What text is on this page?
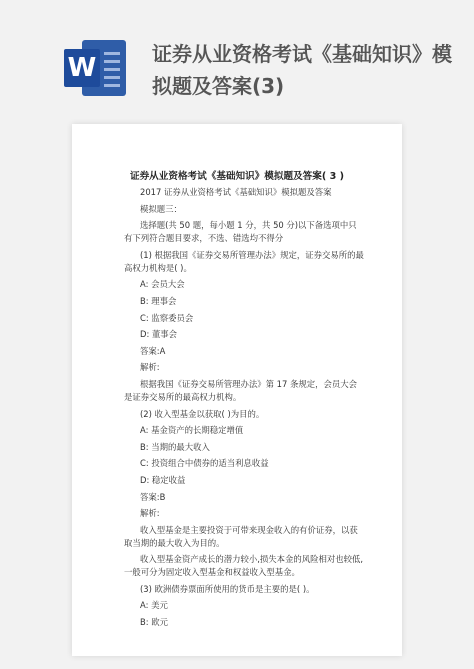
W	证券从业资格考试《基础知识》模拟题及答案(3)
证券从业资格考试《基础知识》模拟题及答案( 3 )
2017 证券从业资格考试《基础知识》模拟题及答案
模拟题三：
选择题(共 50 题，每小题 1 分，共 50 分)以下备选项中只有下列符合题目要求，不选、错选均不得分
(1) 根据我国《证券交易所管理办法》规定，证券交易所的最高权力机构是( )。
A: 会员大会
B: 理事会
C: 监察委员会
D: 董事会
答案:A
解析:
根据我国《证券交易所管理办法》第 17 条规定，会员大会是证券交易所的最高权力机构。
(2) 收入型基金以获取( )为目的。
A: 基金资产的长期稳定增值
B: 当期的最大收入
C: 投资组合中债券的适当利息收益
D: 稳定收益
答案:B
解析:
收入型基金是主要投资于可带来现金收入的有价证券，以获取当期的最大收入为目的。
收入型基金资产成长的潜力较小,损失本金的风险相对也较低,一般可分为固定收入型基金和权益收入型基金。
(3) 欧洲债券票面所使用的货币是主要的是( )。
A: 美元
B: 欧元
